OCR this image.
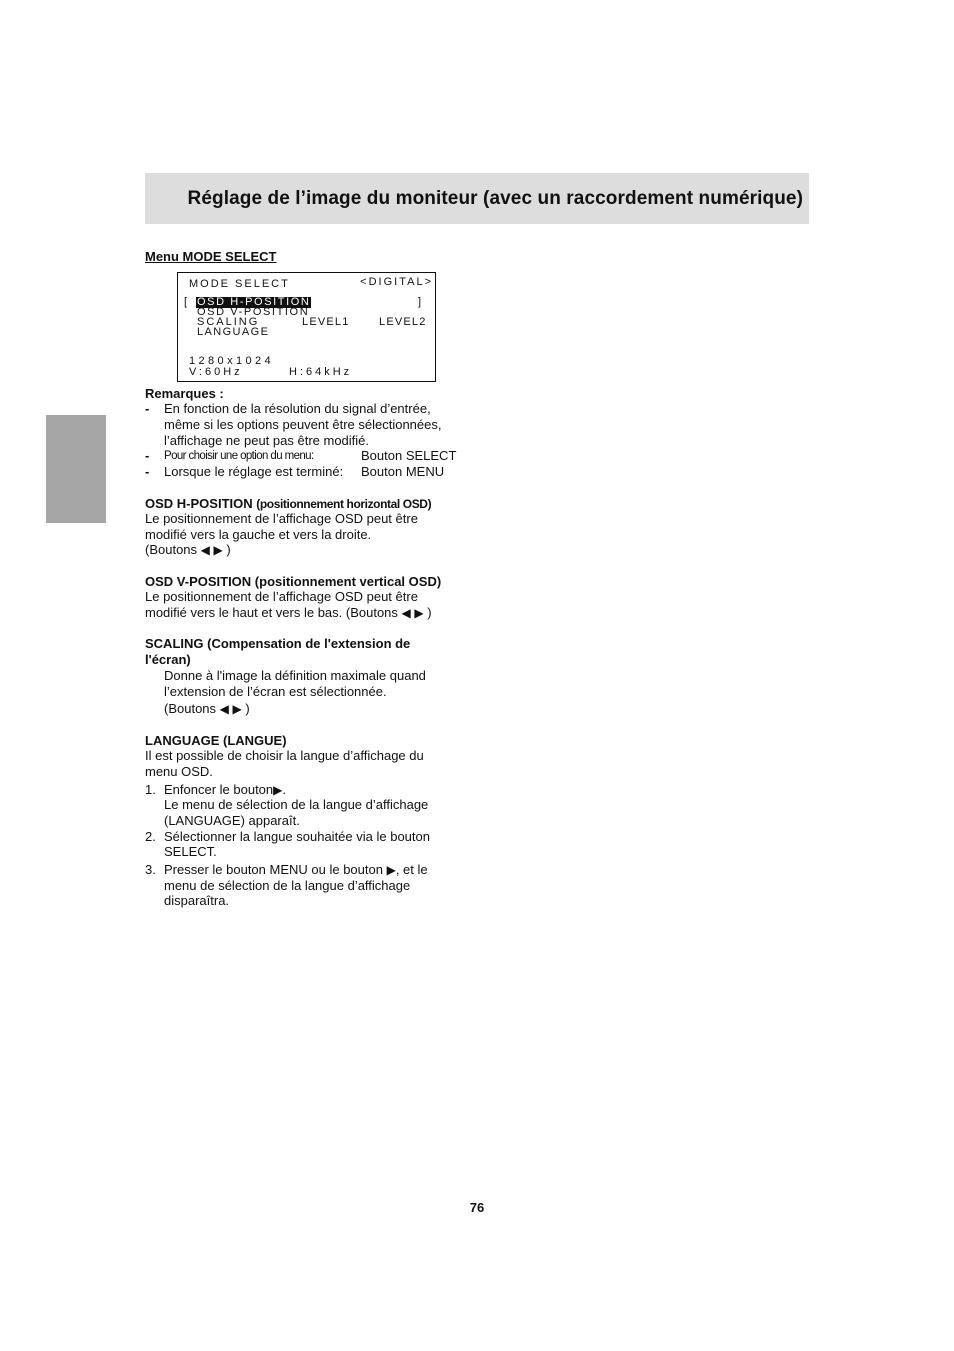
Réglage de l’image du moniteur (avec un raccordement numérique)
Menu MODE SELECT
MODE SELECT	<DIGITAL>
[ OSD H-POSITION	]
OSD V-POSITION
SCALING	LEVEL1	LEVEL2
LANGUAGE
1280x1024
V:60Hz	H:64kHz
Remarques :
- En fonction de la résolution du signal d’entrée,
même si les options peuvent être sélectionnées,
l’affichage ne peut pas être modifié.
- Pour choisir une option du menu:	Bouton SELECT
- Lorsque le réglage est terminé: Bouton MENU
OSD H-POSITION (positionnement horizontal OSD)
Le positionnement de l’affichage OSD peut être
modifié vers la gauche et vers la droite.
(Boutons ◀ ▶ )
OSD V-POSITION (positionnement vertical OSD)
Le positionnement de l’affichage OSD peut être
modifié vers le haut et vers le bas. (Boutons ◀ ▶ )
SCALING (Compensation de l'extension de
l'écran)
Donne à l'image la définition maximale quand
l’extension de l’écran est sélectionnée.
(Boutons ◀ ▶ )
LANGUAGE (LANGUE)
Il est possible de choisir la langue d’affichage du
menu OSD.
1. Enfoncer le bouton▶.
Le menu de sélection de la langue d’affichage
(LANGUAGE) apparaît.
2. Sélectionner la langue souhaitée via le bouton
SELECT.
3. Presser le bouton MENU ou le bouton ▶, et le
menu de sélection de la langue d’affichage
disparaîtra.
76
